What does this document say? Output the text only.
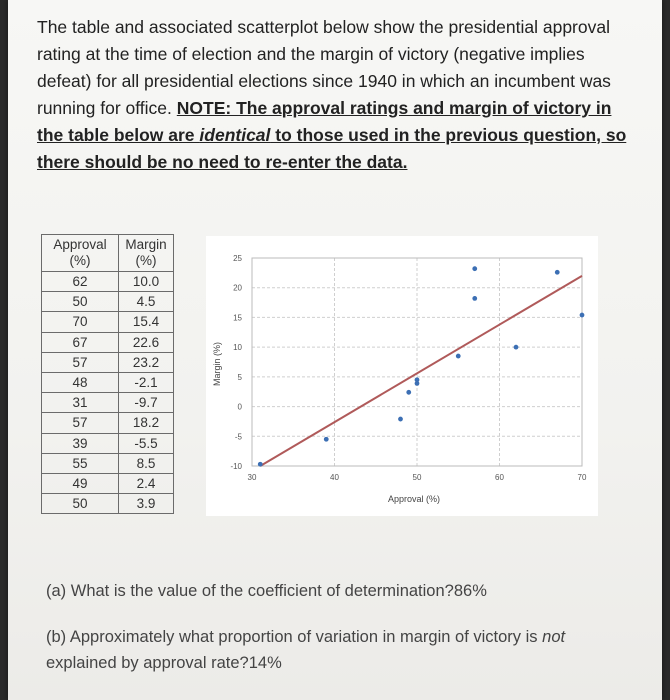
The table and associated scatterplot below show the presidential approval rating at the time of election and the margin of victory (negative implies defeat) for all presidential elections since 1940 in which an incumbent was running for office. NOTE: The approval ratings and margin of victory in the table below are identical to those used in the previous question, so there should be no need to re-enter the data.
Approval (%)	Margin (%)
62	10.0
50	4.5
70	15.4
67	22.6
57	23.2
48	-2.1
31	-9.7
57	18.2
39	-5.5
55	8.5
49	2.4
50	3.9
-10
-5
0
5
10
15
20
25
30	40	50	60	70
Margin (%)
Approval (%)
(a) What is the value of the coefficient of determination?86%
(b) Approximately what proportion of variation in margin of victory is not explained by approval rate?14%
